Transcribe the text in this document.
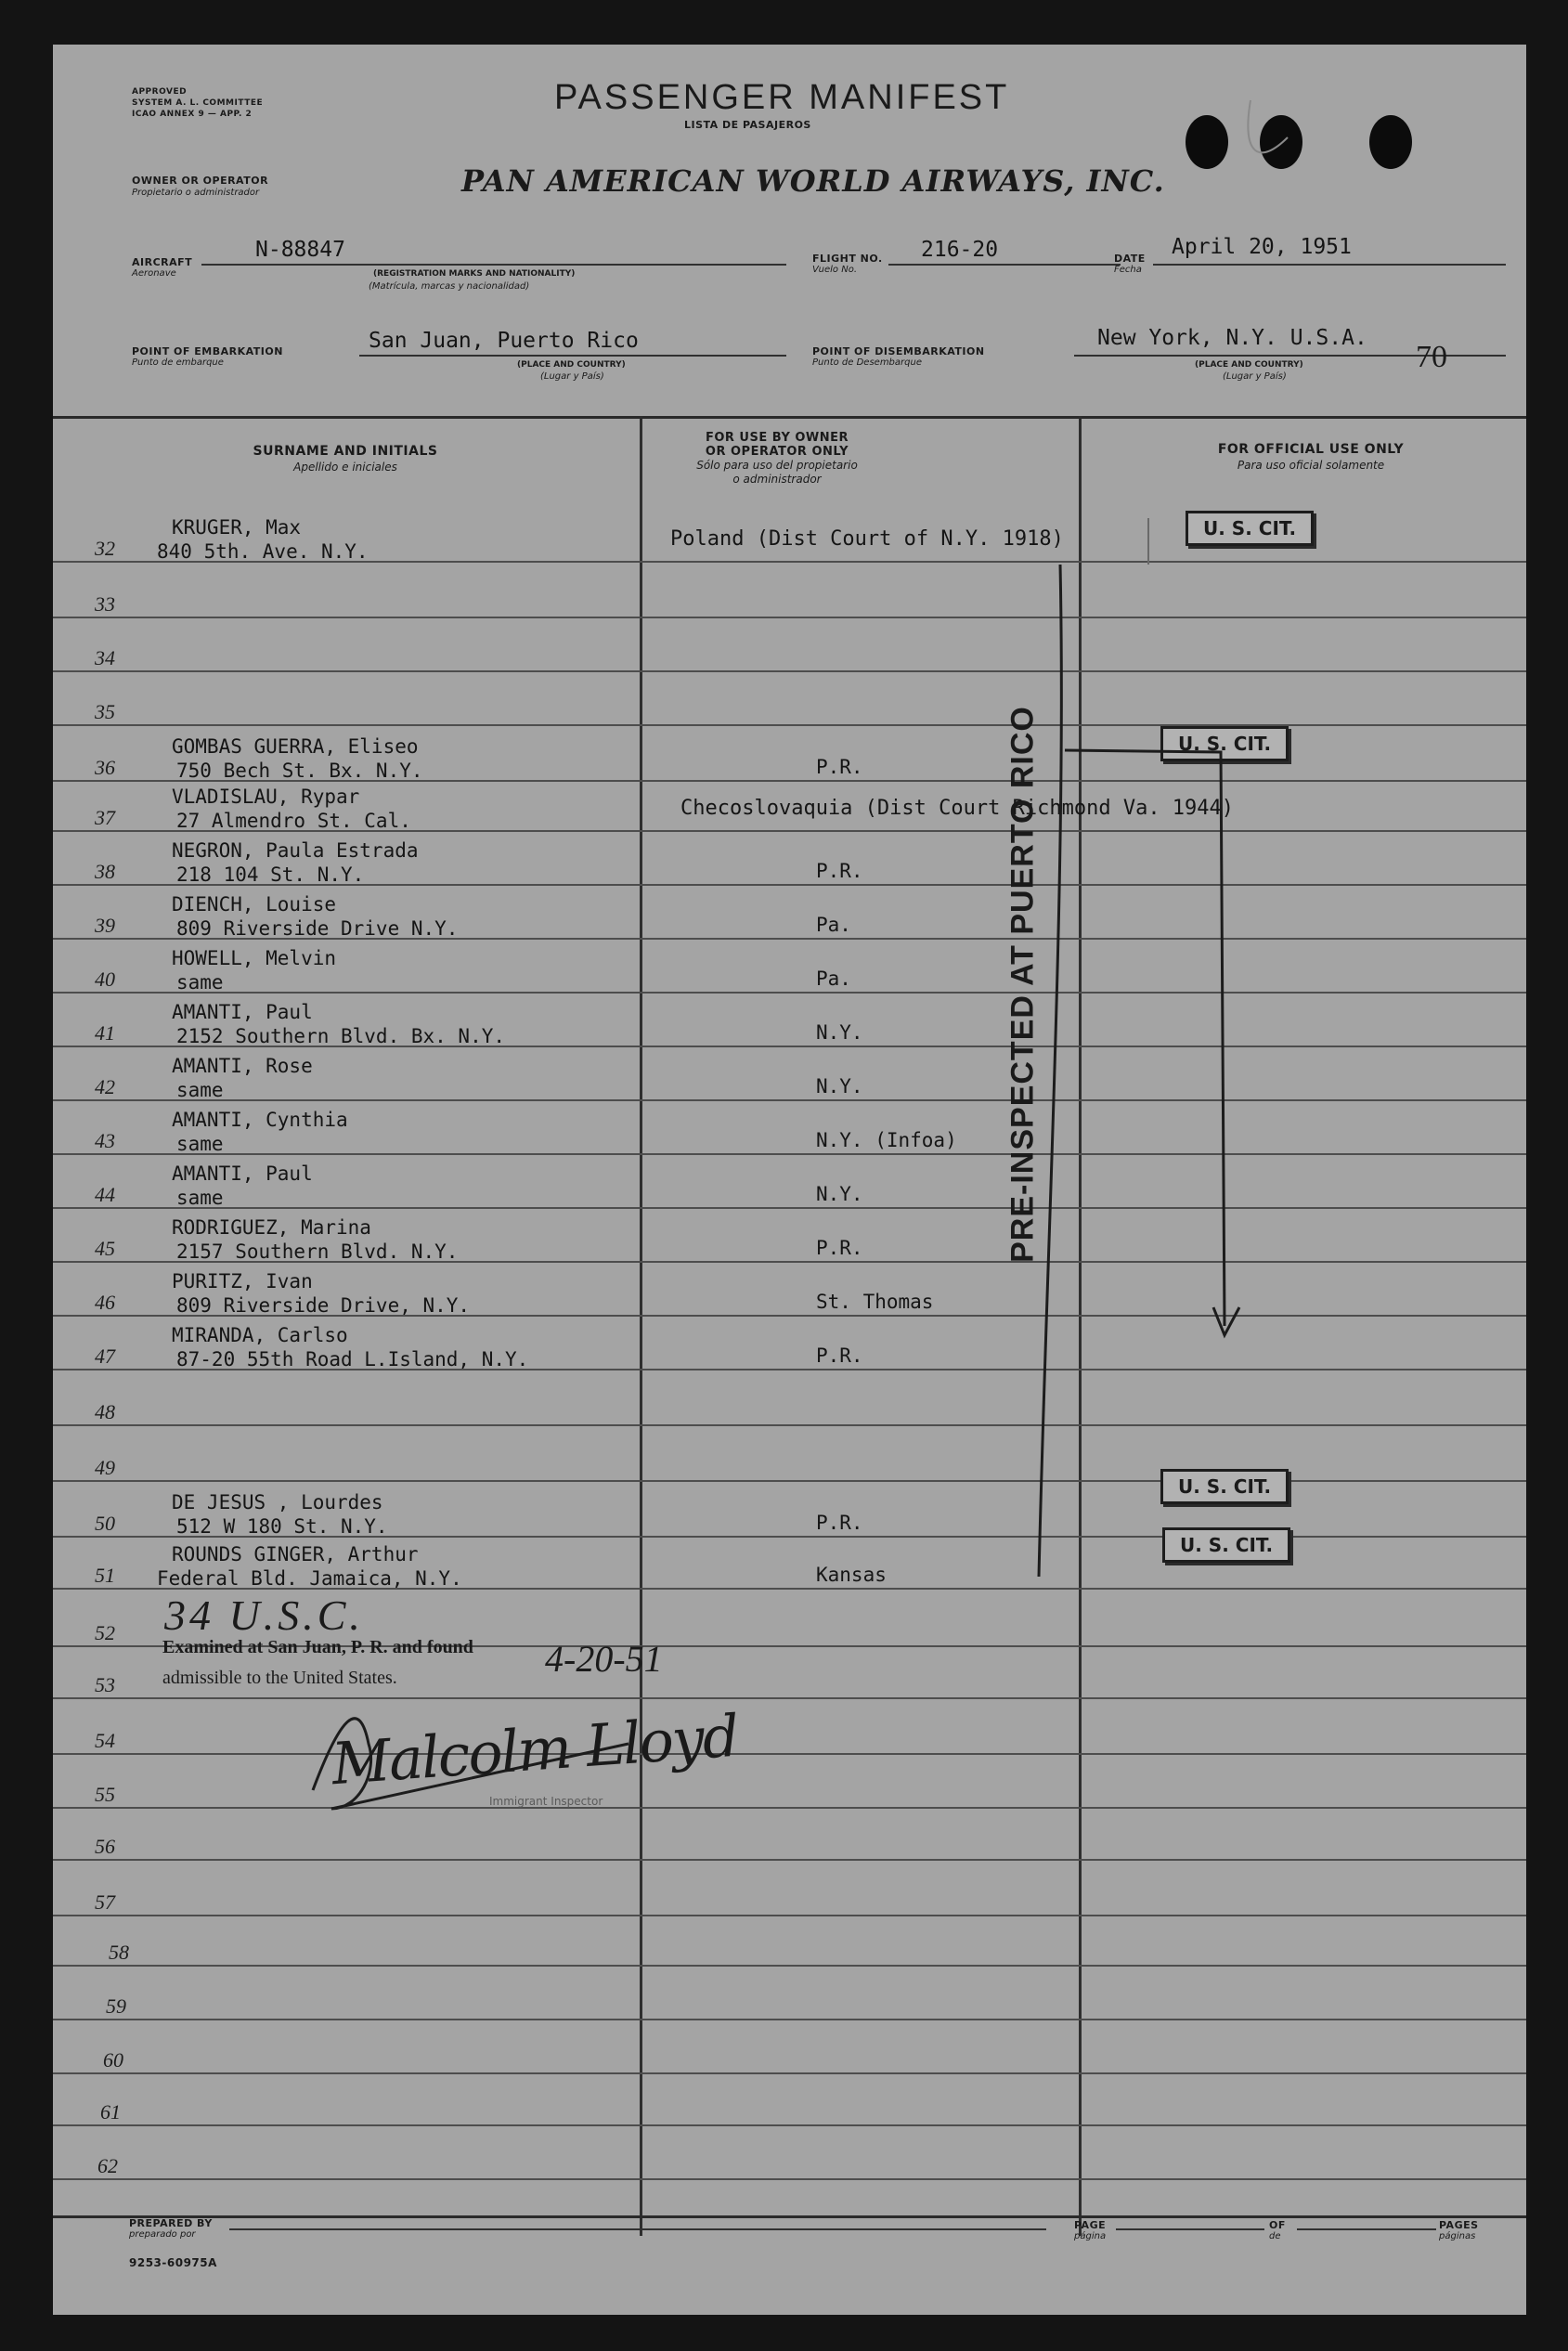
APPROVED
SYSTEM A. L. COMMITTEE
ICAO ANNEX 9 — APP. 2	PASSENGER MANIFEST
LISTA DE PASAJEROS
OWNER OR OPERATOR
Propietario o administrador	PAN AMERICAN WORLD AIRWAYS, INC.
AIRCRAFT
Aeronave
N-88847
(REGISTRATION MARKS AND NATIONALITY)
(Matrícula, marcas y nacionalidad)
FLIGHT NO.
Vuelo No.
216-20	DATE
Fecha
April 20, 1951
POINT OF EMBARKATION
Punto de embarque
San Juan, Puerto Rico
(PLACE AND COUNTRY)
(Lugar y País)
POINT OF DISEMBARKATION
Punto de Desembarque
New York, N.Y. U.S.A.
(PLACE AND COUNTRY)
(Lugar y País)
70
SURNAME AND INITIALS
Apellido e iniciales
FOR USE BY OWNER
OR OPERATOR ONLY
Sólo para uso del propietario
o administrador
FOR OFFICIAL USE ONLY
Para uso oficial solamente
32
KRUGER, Max
840 5th. Ave. N.Y.
Poland (Dist Court of N.Y. 1918)	U. S. CIT.
33
34
35
36
GOMBAS GUERRA, Eliseo
750 Bech St. Bx. N.Y.	P.R.
U. S. CIT.
37
VLADISLAU, Rypar
27 Almendro St. Cal.
Checoslovaquia (Dist Court Richmond Va. 1944)
38
NEGRON, Paula Estrada
218 104 St. N.Y.	P.R.
39
DIENCH, Louise
809 Riverside Drive N.Y.	Pa.
40
HOWELL, Melvin
same	Pa.
41
AMANTI, Paul
2152 Southern Blvd. Bx. N.Y.	N.Y.
42
AMANTI, Rose
same	N.Y.
43
AMANTI, Cynthia
same	N.Y. (Infoa)
44
AMANTI, Paul
same	N.Y.
45
RODRIGUEZ, Marina
2157 Southern Blvd. N.Y.	P.R.
46
PURITZ, Ivan
809 Riverside Drive, N.Y.	St. Thomas
47
MIRANDA, Carlso
87-20 55th Road L.Island, N.Y.	P.R.
48
49
50
DE JESUS , Lourdes
512 W 180 St. N.Y.	P.R.
U. S. CIT.
51
ROUNDS GINGER, Arthur
Federal Bld. Jamaica, N.Y.	Kansas
U. S. CIT.
52
53
54
55
56
57
58
59
60
61
62
PRE-INSPECTED AT PUERTO RICO
34 U.S.C.
Examined at San Juan, P. R. and found
admissible to the United States.	4-20-51
Malcolm Lloyd
Immigrant Inspector
PREPARED BY
preparado por
9253-60975A
PAGE
página
OF
de
PAGES
páginas
